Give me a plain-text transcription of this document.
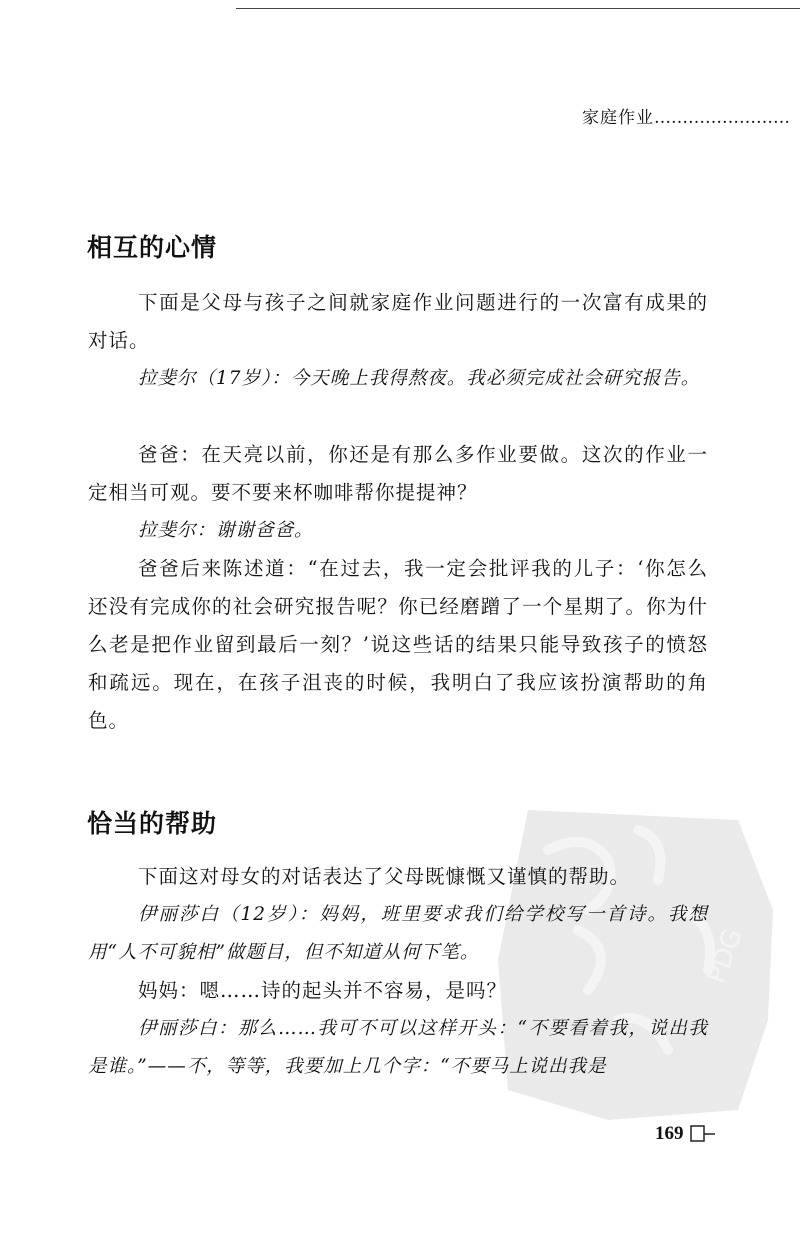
家庭作业……………………
相互的心情

下面是父母与孩子之间就家庭作业问题进行的一次富有成果的对话。

拉斐尔（17岁）：今天晚上我得熬夜。我必须完成社会研究报告。

爸爸：在天亮以前，你还是有那么多作业要做。这次的作业一定相当可观。要不要来杯咖啡帮你提提神？

拉斐尔：谢谢爸爸。

爸爸后来陈述道：“在过去，我一定会批评我的儿子：‘你怎么还没有完成你的社会研究报告呢？你已经磨蹭了一个星期了。你为什么老是把作业留到最后一刻？’说这些话的结果只能导致孩子的愤怒和疏远。现在，在孩子沮丧的时候，我明白了我应该扮演帮助的角色。

恰当的帮助
PDG

下面这对母女的对话表达了父母既慷慨又谨慎的帮助。

伊丽莎白（12岁）：妈妈，班里要求我们给学校写一首诗。我想用“人不可貌相”做题目，但不知道从何下笔。

妈妈：嗯……诗的起头并不容易，是吗？

伊丽莎白：那么……我可不可以这样开头：“不要看着我，说出我是谁。”——不，等等，我要加上几个字：“不要马上说出我是

169
